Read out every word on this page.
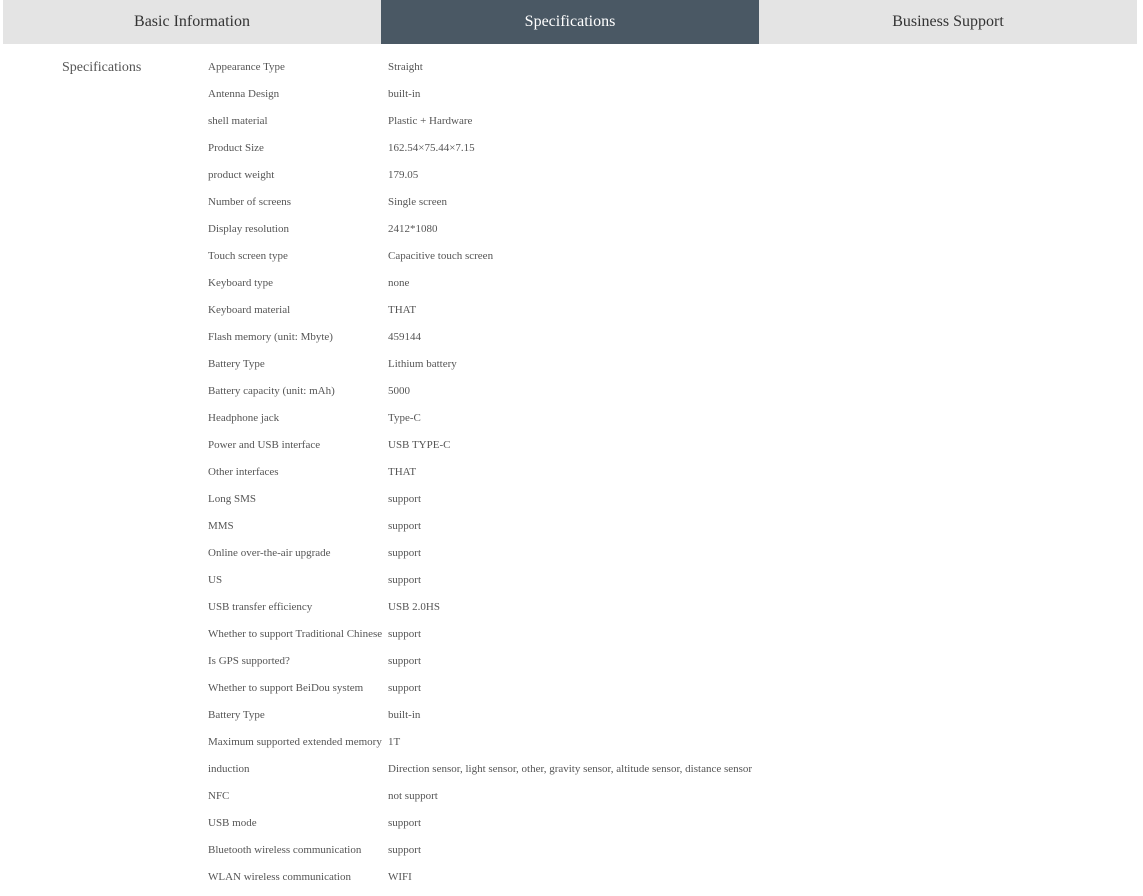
Basic Information	Specifications	Business Support
Specifications	Appearance Type	Straight
Antenna Design	built-in
shell material	Plastic + Hardware
Product Size	162.54×75.44×7.15
product weight	179.05
Number of screens	Single screen
Display resolution	2412*1080
Touch screen type	Capacitive touch screen
Keyboard type	none
Keyboard material	THAT
Flash memory (unit: Mbyte)	459144
Battery Type	Lithium battery
Battery capacity (unit: mAh)	5000
Headphone jack	Type-C
Power and USB interface	USB TYPE-C
Other interfaces	THAT
Long SMS	support
MMS	support
Online over-the-air upgrade	support
US	support
USB transfer efficiency	USB 2.0HS
Whether to support Traditional Chinese support
Is GPS supported?	support
Whether to support BeiDou system	support
Battery Type	built-in
Maximum supported extended memory 1T
induction	Direction sensor, light sensor, other, gravity sensor, altitude sensor, distance sensor
NFC	not support
USB mode	support
Bluetooth wireless communication	support
WLAN wireless communication	WIFI
